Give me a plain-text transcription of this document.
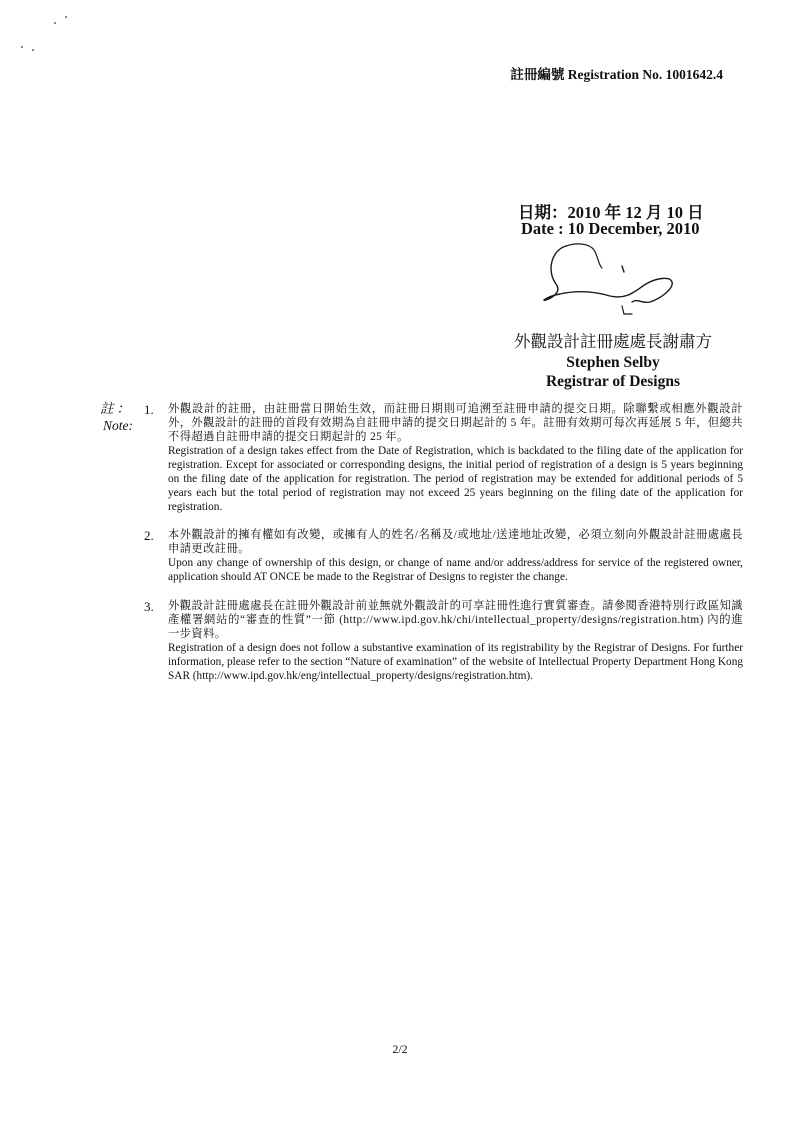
註冊編號 Registration No. 1001642.4
日期：2010 年 12 月 10 日
Date : 10 December, 2010
外觀設計註冊處處長謝肅方
Stephen Selby
Registrar of Designs
註：
Note:
1. 外觀設計的註冊，由註冊當日開始生效，而註冊日期則可追溯至註冊申請的提交日期。除聯繫或相應外觀設計外，外觀設計的註冊的首段有效期為自註冊申請的提交日期起計的 5 年。註冊有效期可每次再延展 5 年，但總共不得超過自註冊申請的提交日期起計的 25 年。

Registration of a design takes effect from the Date of Registration, which is backdated to the filing date of the application for registration. Except for associated or corresponding designs, the initial period of registration of a design is 5 years beginning on the filing date of the application for registration. The period of registration may be extended for additional periods of 5 years each but the total period of registration may not exceed 25 years beginning on the filing date of the application for registration.

2. 本外觀設計的擁有權如有改變，或擁有人的姓名/名稱及/或地址/送達地址改變，必須立刻向外觀設計註冊處處長申請更改註冊。

Upon any change of ownership of this design, or change of name and/or address/address for service of the registered owner, application should AT ONCE be made to the Registrar of Designs to register the change.

3. 外觀設計註冊處處長在註冊外觀設計前並無就外觀設計的可享註冊性進行實質審查。請參閱香港特別行政區知識產權署網站的“審查的性質”一節 (http://www.ipd.gov.hk/chi/intellectual_property/designs/registration.htm) 內的進一步資料。

Registration of a design does not follow a substantive examination of its registrability by the Registrar of Designs. For further information, please refer to the section “Nature of examination” of the website of Intellectual Property Department Hong Kong SAR (http://www.ipd.gov.hk/eng/intellectual_property/designs/registration.htm).

2/2
